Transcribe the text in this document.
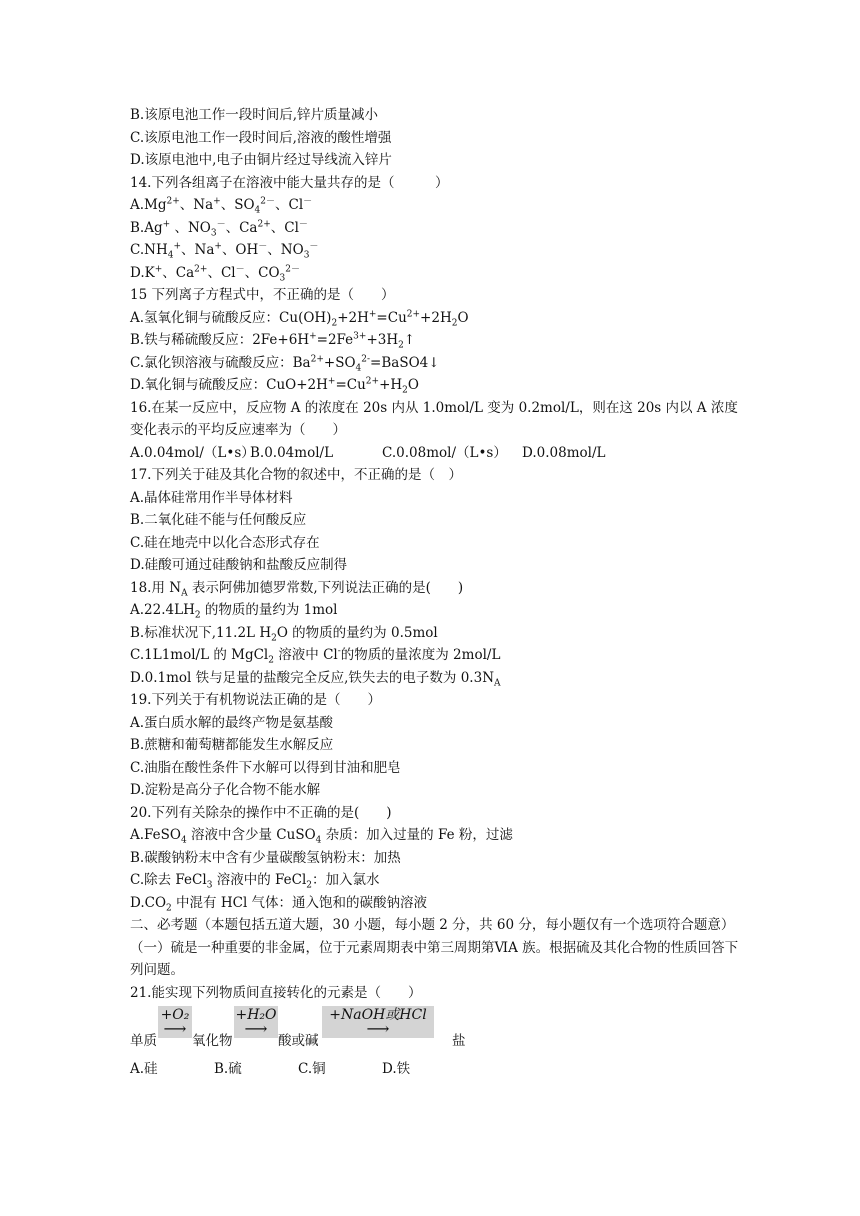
B.该原电池工作一段时间后,锌片质量减小
C.该原电池工作一段时间后,溶液的酸性增强
D.该原电池中,电子由铜片经过导线流入锌片
14.下列各组离子在溶液中能大量共存的是（　　　）
$A.Mg^{2+}$、Na+、$SO_4^{2-}$、Cl－
B.Ag+ 、$NO_3^-$、$Ca^{2+}$、Cl－
$C.NH_4^+$、Na+、OH－、$NO_3^-$
D.K+、$Ca^{2+}$、Cl－、$CO_3^{2-}$
15 下列离子方程式中，不正确的是（　　）
A.氢氧化铜与硫酸反应：$Cu(OH)_2+2H^+=Cu^{2+}+2H_2O$
B.铁与稀硫酸反应：$2Fe+6H^+=2Fe^{3+}+3H_2↑$
C.氯化钡溶液与硫酸反应：$Ba^{2+}+SO_4^{2-}=BaSO4↓$
D.氧化铜与硫酸反应：$CuO+2H^+=Cu^{2+}+H_2O$
16.在某一反应中，反应物 A 的浓度在 20s 内从 1.0mol/L 变为 0.2mol/L，则在这 20s 内以 A 浓度变化表示的平均反应速率为（　　）
A.0.04mol/（L•s）
B.0.04mol/L	C.0.08mol/（L•s）	D.0.08mol/L
17.下列关于硅及其化合物的叙述中，不正确的是（　）
A.晶体硅常用作半导体材料
B.二氧化硅不能与任何酸反应
C.硅在地壳中以化合态形式存在
D.硅酸可通过硅酸钠和盐酸反应制得
18.用 $N_A$ 表示阿佛加德罗常数,下列说法正确的是(　　)
$A.22.4LH_2$ 的物质的量约为 1mol
B.标准状况下,11.2L $H_2O$ 的物质的量约为 0.5mol
C.1L1mol/L 的 MgCl$_2$ 溶液中 Cl-的物质的量浓度为 2mol/L
D.0.1mol 铁与足量的盐酸完全反应,铁失去的电子数为 $0.3N_A$
19.下列关于有机物说法正确的是（　　）
A.蛋白质水解的最终产物是氨基酸
B.蔗糖和葡萄糖都能发生水解反应
C.油脂在酸性条件下水解可以得到甘油和肥皂
D.淀粉是高分子化合物不能水解
20.下列有关除杂的操作中不正确的是(　　)
A.FeSO$_4$ 溶液中含少量 CuSO$_4$ 杂质：加入过量的 Fe 粉，过滤
B.碳酸钠粉末中含有少量碳酸氢钠粉末：加热
C.除去 FeCl$_3$ 溶液中的 FeCl$_2$：加入氯水
$D.CO_2$ 中混有 HCl 气体：通入饱和的碳酸钠溶液
二、必考题（本题包括五道大题，30 小题，每小题 2 分，共 60 分，每小题仅有一个选项符合题意）
（一）硫是一种重要的非金属，位于元素周期表中第三周期第ⅥA 族。根据硫及其化合物的性质回答下列问题。
21.能实现下列物质间直接转化的元素是（　　）
单质
+O₂
⟶
氧化物
+H₂O
⟶
酸或碱
+NaOH或HCl
⟶
盐
A.硅	B.硫	C.铜	D.铁
